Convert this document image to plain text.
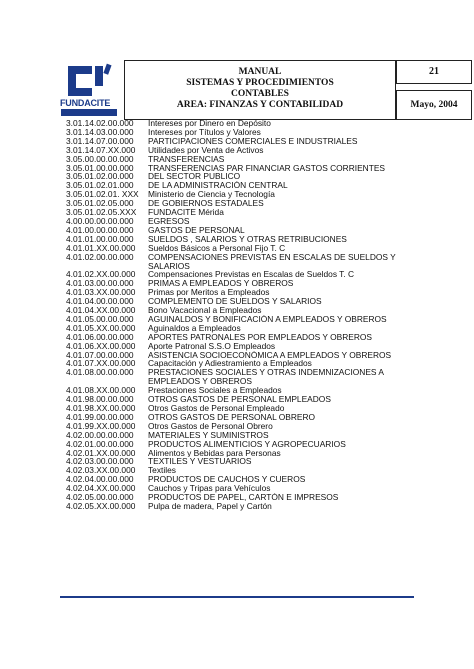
FUNDACITE
MANUAL
SISTEMAS Y PROCEDIMIENTOS
CONTABLES
AREA: FINANZAS Y CONTABILIDAD
21
Mayo, 2004
3.01.14.02.00.000	Intereses por Dinero en Depósito
3.01.14.03.00.000	Intereses por Títulos y Valores
3.01.14.07.00.000	PARTICIPACIONES COMERCIALES E INDUSTRIALES
3.01.14.07.XX.000	Utilidades por Venta de Activos
3.05.00.00.00.000	TRANSFERENCIAS
3.05.01.00.00.000	TRANSFERENCIAS PAR FINANCIAR GASTOS CORRIENTES
3.05.01.02.00.000	DEL SECTOR PUBLICO
3.05.01.02.01.000	DE LA ADMINISTRACIÓN CENTRAL
3.05.01.02.01. XXX	Ministerio de Ciencia y Tecnología
3.05.01.02.05.000	DE GOBIERNOS ESTADALES
3.05.01.02.05.XXX	FUNDACITE Mérida
4.00.00.00.00.000	EGRESOS
4.01.00.00.00.000	GASTOS DE PERSONAL
4.01.01.00.00.000	SUELDOS , SALARIOS Y OTRAS RETRIBUCIONES
4.01.01.XX.00.000	Sueldos Básicos a Personal Fijo T. C
4.01.02.00.00.000	COMPENSACIONES PREVISTAS EN ESCALAS DE SUELDOS Y SALARIOS
4.01.02.XX.00.000	Compensaciones Previstas en Escalas de Sueldos T. C
4.01.03.00.00.000	PRIMAS A EMPLEADOS Y OBREROS
4.01.03.XX.00.000	Primas por Meritos a Empleados
4.01.04.00.00.000	COMPLEMENTO DE SUELDOS Y SALARIOS
4.01.04.XX.00.000	Bono Vacacional a Empleados
4.01.05.00.00.000	AGUINALDOS Y BONIFICACIÓN A EMPLEADOS Y OBREROS
4.01.05.XX.00.000	Aguinaldos a Empleados
4.01.06.00.00.000	APORTES PATRONALES POR EMPLEADOS Y OBREROS
4.01.06.XX.00.000	Aporte Patronal S.S.O Empleados
4.01.07.00.00.000	ASISTENCIA SOCIOECONÓMICA A EMPLEADOS Y OBREROS
4.01.07.XX.00.000	Capacitación y Adiestramiento a Empleados
4.01.08.00.00.000	PRESTACIONES SOCIALES Y OTRAS INDEMNIZACIONES A EMPLEADOS Y OBREROS
4.01.08.XX.00.000	Prestaciones Sociales a Empleados
4.01.98.00.00.000	OTROS GASTOS DE PERSONAL EMPLEADOS
4.01.98.XX.00.000	Otros Gastos de Personal Empleado
4.01.99.00.00.000	OTROS GASTOS DE PERSONAL OBRERO
4.01.99.XX.00.000	Otros Gastos de Personal Obrero
4.02.00.00.00.000	MATERIALES Y SUMINISTROS
4.02.01.00.00.000	PRODUCTOS ALIMENTICIOS Y AGROPECUARIOS
4.02.01.XX.00.000	Alimentos y Bebidas para Personas
4.02.03.00.00.000	TEXTILES Y VESTUARIOS
4.02.03.XX.00.000	Textiles
4.02.04.00.00.000	PRODUCTOS DE CAUCHOS Y CUEROS
4.02.04.XX.00.000	Cauchos y Tripas para Vehículos
4.02.05.00.00.000	PRODUCTOS DE PAPEL, CARTÓN E IMPRESOS
4.02.05.XX.00.000	Pulpa de madera, Papel y Cartón
